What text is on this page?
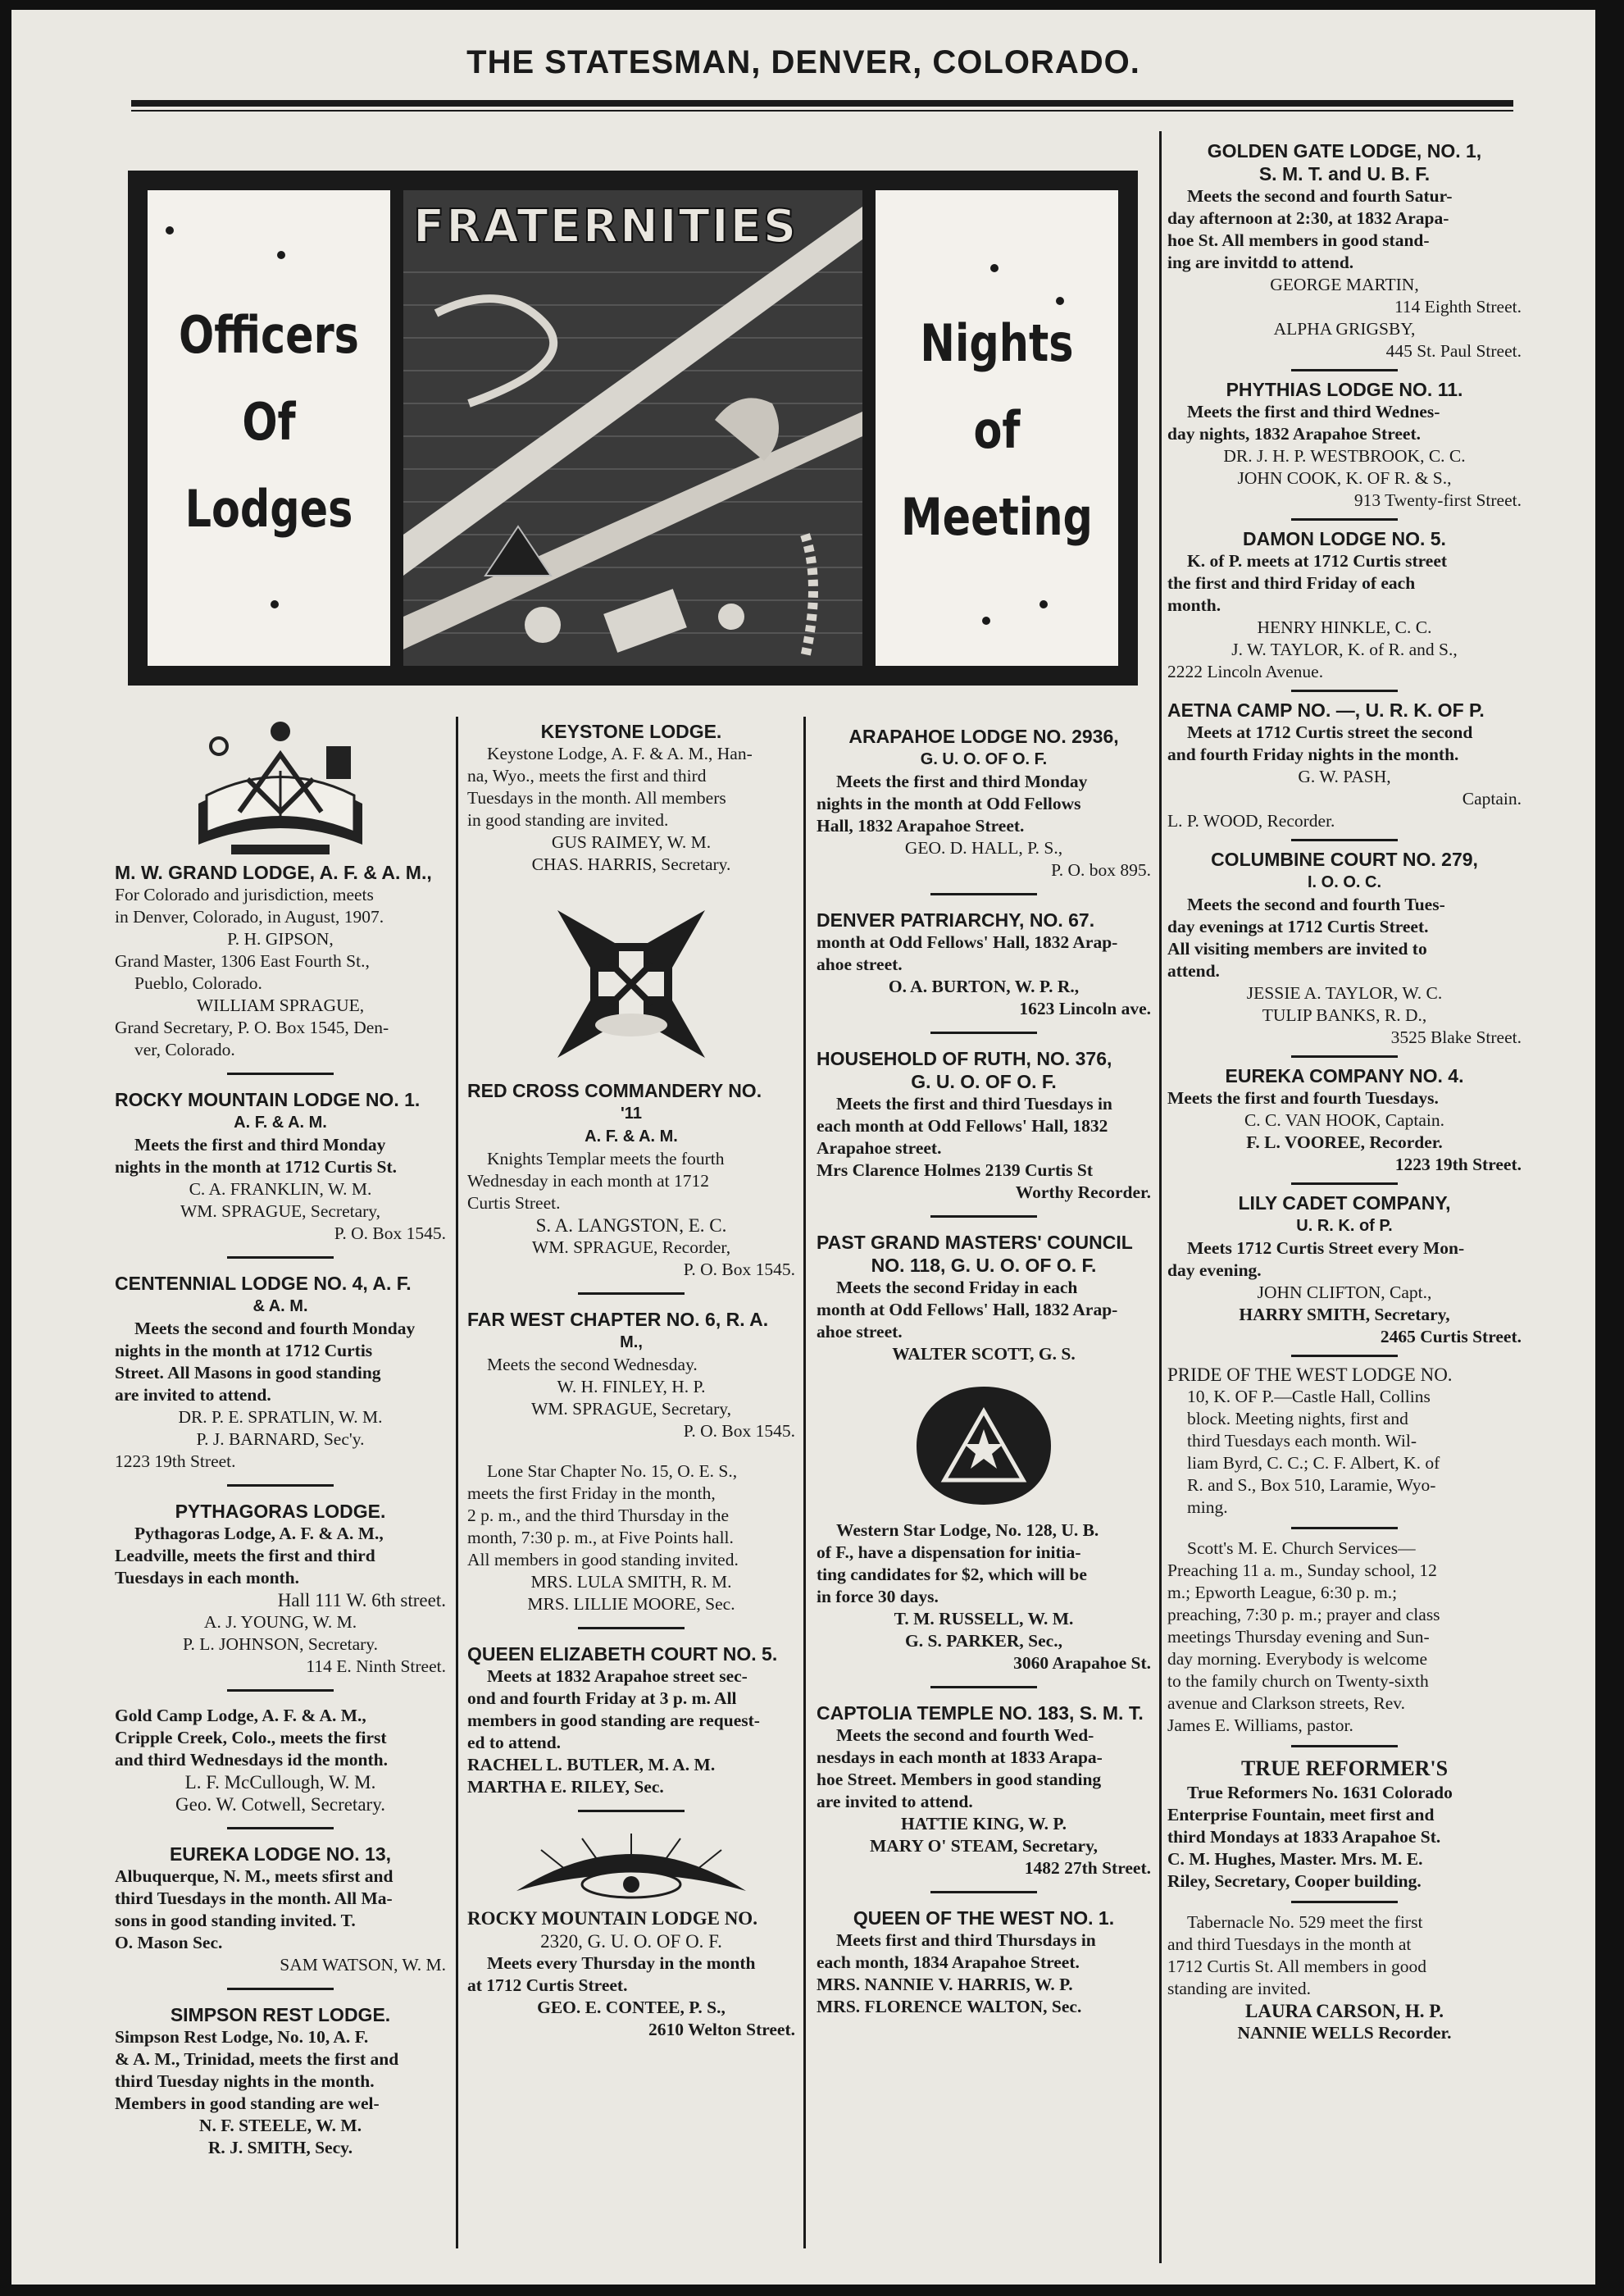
THE STATESMAN, DENVER, COLORADO.
Officers
Of
Lodges
FRATERNITIES
Nights
of
Meeting

M. W. GRAND LODGE, A. F. & A. M.,

For Colorado and jurisdiction, meets

in Denver, Colorado, in August, 1907.

P. H. GIPSON,

Grand Master, 1306 East Fourth St.,

Pueblo, Colorado.

WILLIAM SPRAGUE,

Grand Secretary, P. O. Box 1545, Den-

ver, Colorado.

ROCKY MOUNTAIN LODGE NO. 1.

A. F. & A. M.

Meets the first and third Monday

nights in the month at 1712 Curtis St.

C. A. FRANKLIN, W. M.

WM. SPRAGUE, Secretary,

P. O. Box 1545.

CENTENNIAL LODGE NO. 4, A. F.

& A. M.

Meets the second and fourth Monday

nights in the month at 1712 Curtis

Street. All Masons in good standing

are invited to attend.

DR. P. E. SPRATLIN, W. M.

P. J. BARNARD, Sec'y.

1223 19th Street.

PYTHAGORAS LODGE.

Pythagoras Lodge, A. F. & A. M.,

Leadville, meets the first and third

Tuesdays in each month.

Hall 111 W. 6th street.

A. J. YOUNG, W. M.

P. L. JOHNSON, Secretary.

114 E. Ninth Street.

Gold Camp Lodge, A. F. & A. M.,

Cripple Creek, Colo., meets the first

and third Wednesdays id the month.

L. F. McCullough, W. M.

Geo. W. Cotwell, Secretary.

EUREKA LODGE NO. 13,

Albuquerque, N. M., meets sfirst and

third Tuesdays in the month. All Ma-

sons in good standing invited. T.

O. Mason Sec.

SAM WATSON, W. M.

SIMPSON REST LODGE.

Simpson Rest Lodge, No. 10, A. F.

& A. M., Trinidad, meets the first and

third Tuesday nights in the month.

Members in good standing are wel-

N. F. STEELE, W. M.

R. J. SMITH, Secy.

KEYSTONE LODGE.

Keystone Lodge, A. F. & A. M., Han-

na, Wyo., meets the first and third

Tuesdays in the month. All members

in good standing are invited.

GUS RAIMEY, W. M.

CHAS. HARRIS, Secretary.

IN
HOC
SIGNO
VINCES

RED CROSS COMMANDERY NO.

'11

A. F. & A. M.

Knights Templar meets the fourth

Wednesday in each month at 1712

Curtis Street.

S. A. LANGSTON, E. C.

WM. SPRAGUE, Recorder,

P. O. Box 1545.

FAR WEST CHAPTER NO. 6, R. A.

M.,

Meets the second Wednesday.

W. H. FINLEY, H. P.

WM. SPRAGUE, Secretary,

P. O. Box 1545.

Lone Star Chapter No. 15, O. E. S.,

meets the first Friday in the month,

2 p. m., and the third Thursday in the

month, 7:30 p. m., at Five Points hall.

All members in good standing invited.

MRS. LULA SMITH, R. M.

MRS. LILLIE MOORE, Sec.

QUEEN ELIZABETH COURT NO. 5.

Meets at 1832 Arapahoe street sec-

ond and fourth Friday at 3 p. m. All

members in good standing are request-

ed to attend.

RACHEL L. BUTLER, M. A. M.

MARTHA E. RILEY, Sec.

ROCKY MOUNTAIN LODGE NO.

2320, G. U. O. OF O. F.

Meets every Thursday in the month

at 1712 Curtis Street.

GEO. E. CONTEE, P. S.,

2610 Welton Street.

ARAPAHOE LODGE NO. 2936,

G. U. O. OF O. F.

Meets the first and third Monday

nights in the month at Odd Fellows

Hall, 1832 Arapahoe Street.

GEO. D. HALL, P. S.,

P. O. box 895.

DENVER PATRIARCHY, NO. 67.

month at Odd Fellows' Hall, 1832 Arap-

ahoe street.

O. A. BURTON, W. P. R.,

1623 Lincoln ave.

HOUSEHOLD OF RUTH, NO. 376,

G. U. O. OF O. F.

Meets the first and third Tuesdays in

each month at Odd Fellows' Hall, 1832

Arapahoe street.

Mrs Clarence Holmes 2139 Curtis St

Worthy Recorder.

PAST GRAND MASTERS' COUNCIL

NO. 118, G. U. O. OF O. F.

Meets the second Friday in each

month at Odd Fellows' Hall, 1832 Arap-

ahoe street.

WALTER SCOTT, G. S.

Western Star Lodge, No. 128, U. B.

of F., have a dispensation for initia-

ting candidates for $2, which will be

in force 30 days.

T. M. RUSSELL, W. M.

G. S. PARKER, Sec.,

3060 Arapahoe St.

CAPTOLIA TEMPLE NO. 183, S. M. T.

Meets the second and fourth Wed-

nesdays in each month at 1833 Arapa-

hoe Street. Members in good standing

are invited to attend.

HATTIE KING, W. P.

MARY O' STEAM, Secretary,

1482 27th Street.

QUEEN OF THE WEST NO. 1.

Meets first and third Thursdays in

each month, 1834 Arapahoe Street.

MRS. NANNIE V. HARRIS, W. P.

MRS. FLORENCE WALTON, Sec.

GOLDEN GATE LODGE, NO. 1,

S. M. T. and U. B. F.

Meets the second and fourth Satur-

day afternoon at 2:30, at 1832 Arapa-

hoe St. All members in good stand-

ing are invitdd to attend.

GEORGE MARTIN,

114 Eighth Street.

ALPHA GRIGSBY,

445 St. Paul Street.

PHYTHIAS LODGE NO. 11.

Meets the first and third Wednes-

day nights, 1832 Arapahoe Street.

DR. J. H. P. WESTBROOK, C. C.

JOHN COOK, K. OF R. & S.,

913 Twenty-first Street.

DAMON LODGE NO. 5.

K. of P. meets at 1712 Curtis street

the first and third Friday of each

month.

HENRY HINKLE, C. C.

J. W. TAYLOR, K. of R. and S.,

2222 Lincoln Avenue.

AETNA CAMP NO. —, U. R. K. OF P.

Meets at 1712 Curtis street the second

and fourth Friday nights in the month.

G. W. PASH,

Captain.

L. P. WOOD, Recorder.

COLUMBINE COURT NO. 279,

I. O. O. C.

Meets the second and fourth Tues-

day evenings at 1712 Curtis Street.

All visiting members are invited to

attend.

JESSIE A. TAYLOR, W. C.

TULIP BANKS, R. D.,

3525 Blake Street.

EUREKA COMPANY NO. 4.

Meets the first and fourth Tuesdays.

C. C. VAN HOOK, Captain.

F. L. VOOREE, Recorder.

1223 19th Street.

LILY CADET COMPANY,

U. R. K. of P.

Meets 1712 Curtis Street every Mon-

day evening.

JOHN CLIFTON, Capt.,

HARRY SMITH, Secretary,

2465 Curtis Street.

PRIDE OF THE WEST LODGE NO.

10, K. OF P.—Castle Hall, Collins

block. Meeting nights, first and

third Tuesdays each month. Wil-

liam Byrd, C. C.; C. F. Albert, K. of

R. and S., Box 510, Laramie, Wyo-

ming.

Scott's M. E. Church Services—

Preaching 11 a. m., Sunday school, 12

m.; Epworth League, 6:30 p. m.;

preaching, 7:30 p. m.; prayer and class

meetings Thursday evening and Sun-

day morning. Everybody is welcome

to the family church on Twenty-sixth

avenue and Clarkson streets, Rev.

James E. Williams, pastor.

TRUE REFORMER'S

True Reformers No. 1631 Colorado

Enterprise Fountain, meet first and

third Mondays at 1833 Arapahoe St.

C. M. Hughes, Master. Mrs. M. E.

Riley, Secretary, Cooper building.

Tabernacle No. 529 meet the first

and third Tuesdays in the month at

1712 Curtis St. All members in good

standing are invited.

LAURA CARSON, H. P.

NANNIE WELLS Recorder.
